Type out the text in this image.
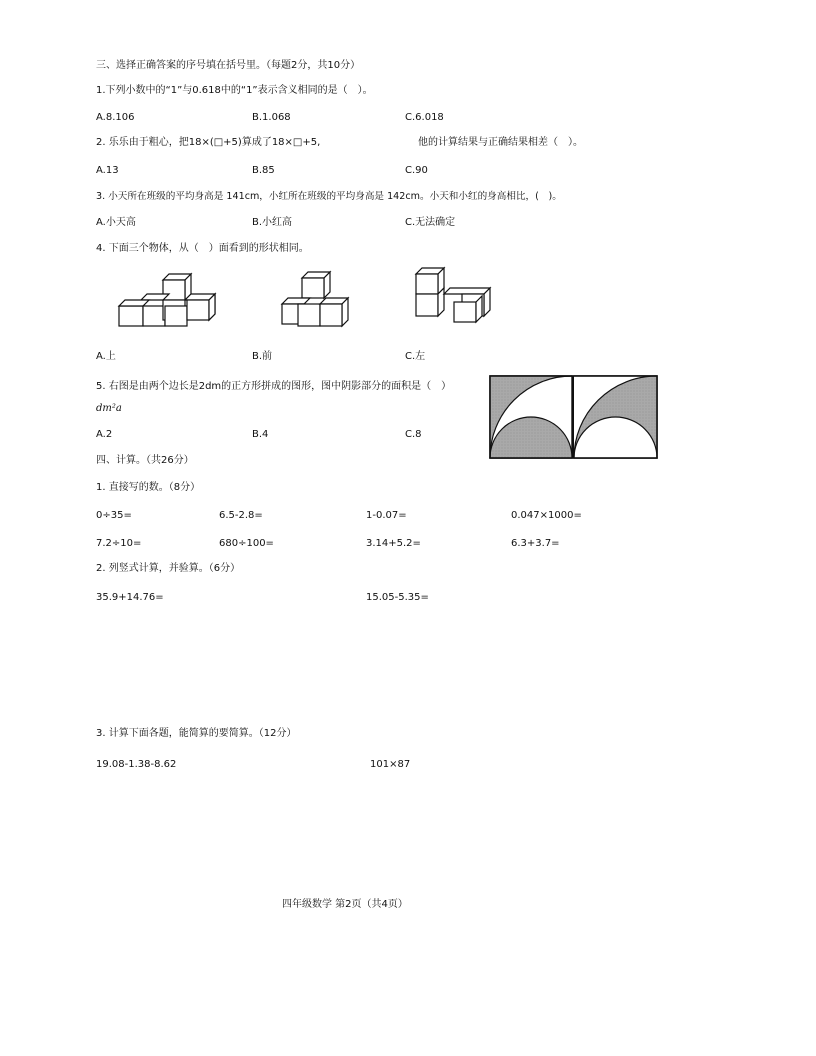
三、选择正确答案的序号填在括号里。（每题2分，共10分）
1.下列小数中的“1”与0.618中的“1”表示含义相同的是（　）。
A.8.106	B.1.068	C.6.018
2. 乐乐由于粗心，把18×(□+5)算成了18×□+5,	他的计算结果与正确结果相差（　）。
A.13	B.85	C.90
3. 小天所在班级的平均身高是 141cm，小红所在班级的平均身高是 142cm。小天和小红的身高相比，(　)。
A.小天高	B.小红高	C.无法确定
4. 下面三个物体，从（　）面看到的形状相同。
A.上	B.前	C.左
5. 右图是由两个边长是2dm的正方形拼成的图形，图中阴影部分的面积是（　）
dm²a
A.2	B.4	C.8
四、计算。（共26分）
1. 直接写的数。（8分）
0÷35=	6.5-2.8=	1-0.07=	0.047×1000=
7.2÷10=	680÷100=	3.14+5.2=	6.3+3.7=
2. 列竖式计算，并验算。（6分）
35.9+14.76=	15.05-5.35=
3. 计算下面各题，能简算的要简算。（12分）
19.08-1.38-8.62	101×87
四年级数学 第2页（共4页）
